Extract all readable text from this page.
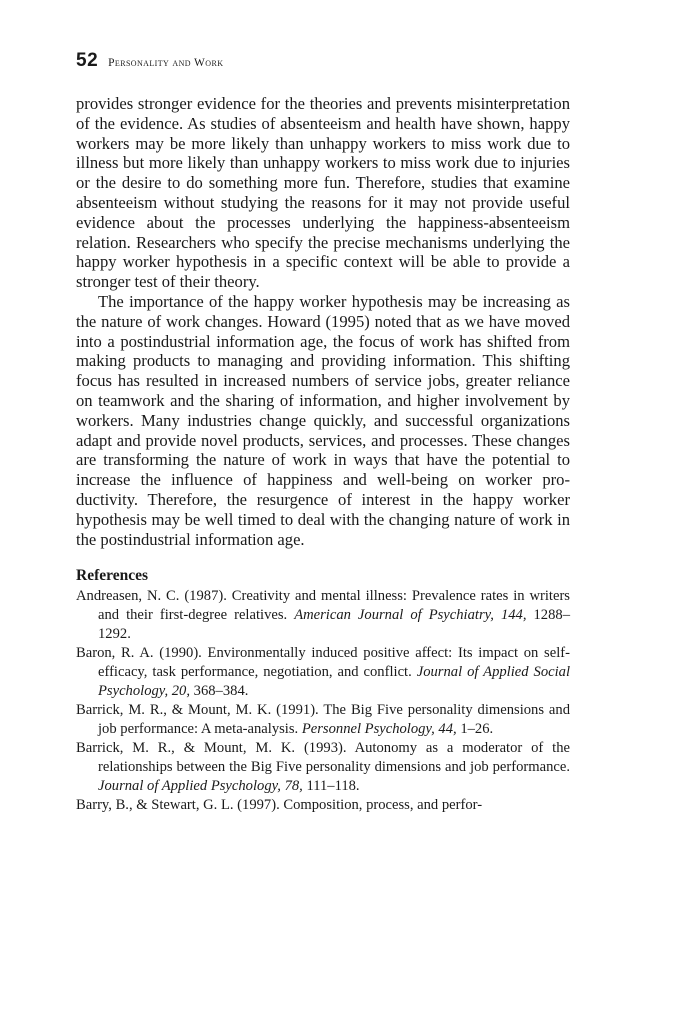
52 Personality and Work

provides stronger evidence for the theories and prevents misinterpretation of the evidence. As studies of absenteeism and health have shown, happy workers may be more likely than unhappy workers to miss work due to illness but more likely than unhappy workers to miss work due to injuries or the desire to do something more fun. Therefore, studies that examine absenteeism without studying the reasons for it may not provide useful evidence about the processes underlying the happiness-absenteeism relation. Researchers who specify the precise mechanisms underlying the happy worker hypothesis in a specific context will be able to provide a stronger test of their theory.

The importance of the happy worker hypothesis may be increasing as the nature of work changes. Howard (1995) noted that as we have moved into a postindustrial information age, the focus of work has shifted from making products to managing and providing information. This shifting focus has resulted in increased numbers of service jobs, greater reliance on teamwork and the sharing of information, and higher involvement by workers. Many industries change quickly, and successful organizations adapt and provide novel products, services, and processes. These changes are transforming the nature of work in ways that have the potential to increase the influence of happiness and well-being on worker productivity. Therefore, the resurgence of interest in the happy worker hypothesis may be well timed to deal with the changing nature of work in the postindustrial information age.

References

Andreasen, N. C. (1987). Creativity and mental illness: Prevalence rates in writers and their first-degree relatives. American Journal of Psychiatry, 144, 1288–1292.

Baron, R. A. (1990). Environmentally induced positive affect: Its impact on self-efficacy, task performance, negotiation, and conflict. Journal of Applied Social Psychology, 20, 368–384.

Barrick, M. R., & Mount, M. K. (1991). The Big Five personality dimensions and job performance: A meta-analysis. Personnel Psychology, 44, 1–26.

Barrick, M. R., & Mount, M. K. (1993). Autonomy as a moderator of the relationships between the Big Five personality dimensions and job performance. Journal of Applied Psychology, 78, 111–118.

Barry, B., & Stewart, G. L. (1997). Composition, process, and perfor-
